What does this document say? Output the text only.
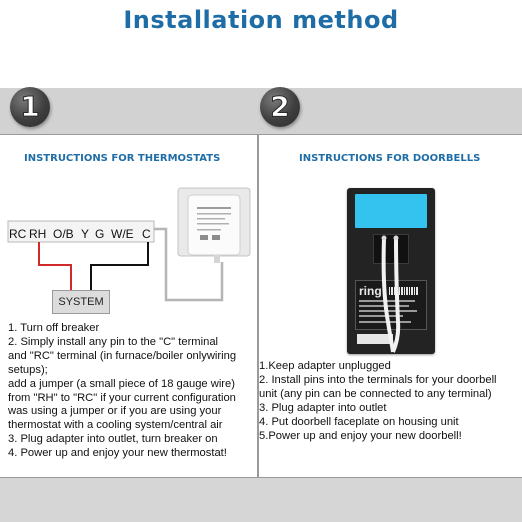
Installation method
1	2
INSTRUCTIONS FOR THERMOSTATS	INSTRUCTIONS FOR DOORBELLS
RC RH O/B Y G W/E C
SYSTEM
1. Turn off breaker
2. Simply install any pin to the "C" terminal
and "RC" terminal (in furnace/boiler onlywiring
setups);
add a jumper (a small piece of 18 gauge wire)
from "RH" to "RC" if your current configuration
was using a jumper or if you are using your
thermostat with a cooling system/central air
3. Plug adapter into outlet, turn breaker on
4. Power up and enjoy your new thermostat!
ring
1.Keep adapter unplugged
2. Install pins into the terminals for your doorbell
unit (any pin can be connected to any terminal)
3. Plug adapter into outlet
4. Put doorbell faceplate on housing unit
5.Power up and enjoy your new doorbell!
